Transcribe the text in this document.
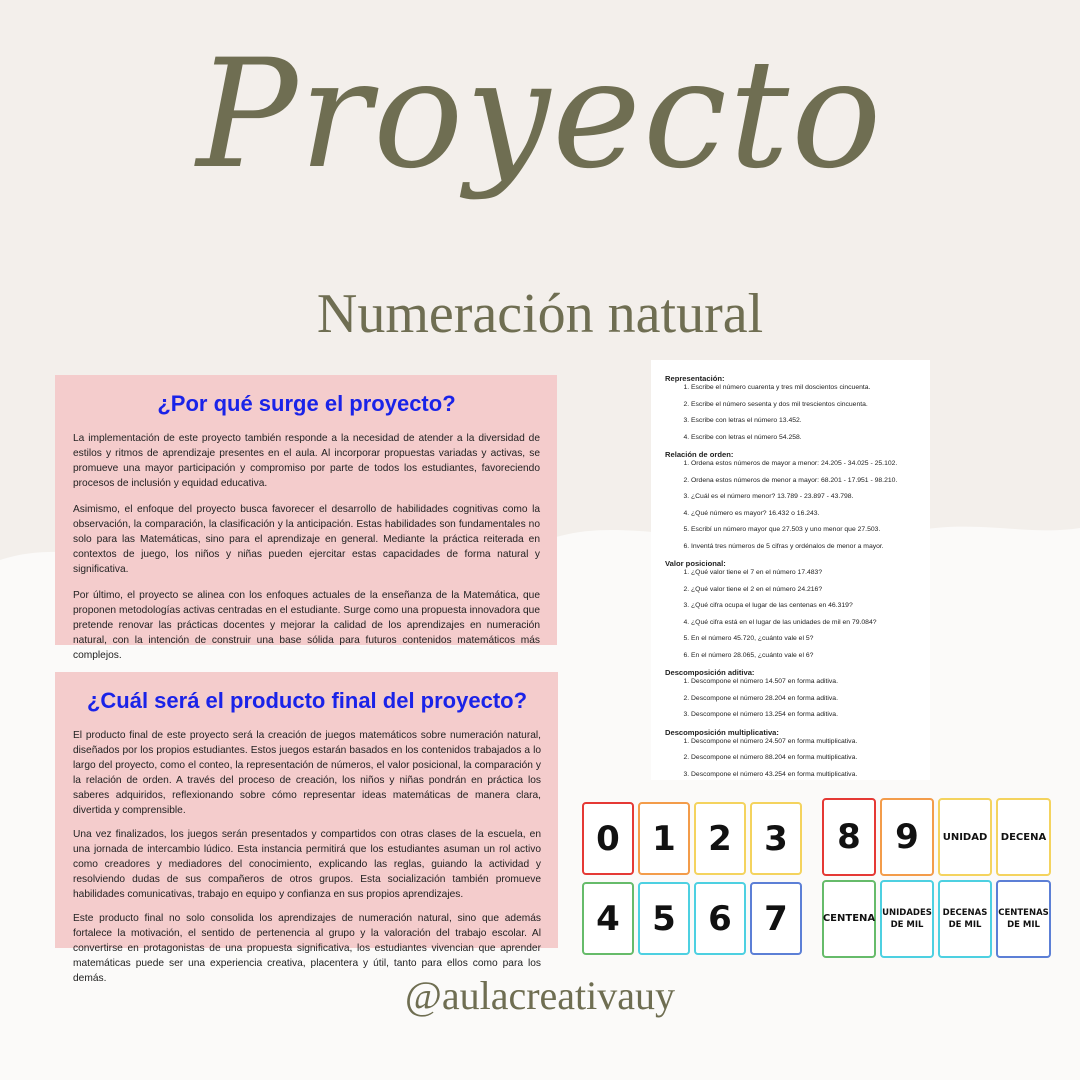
Proyecto
Numeración natural
¿Por qué surge el proyecto?

La implementación de este proyecto también responde a la necesidad de atender a la diversidad de estilos y ritmos de aprendizaje presentes en el aula. Al incorporar propuestas variadas y activas, se promueve una mayor participación y compromiso por parte de todos los estudiantes, favoreciendo procesos de inclusión y equidad educativa.

Asimismo, el enfoque del proyecto busca favorecer el desarrollo de habilidades cognitivas como la observación, la comparación, la clasificación y la anticipación. Estas habilidades son fundamentales no solo para las Matemáticas, sino para el aprendizaje en general. Mediante la práctica reiterada en contextos de juego, los niños y niñas pueden ejercitar estas capacidades de forma natural y significativa.

Por último, el proyecto se alinea con los enfoques actuales de la enseñanza de la Matemática, que proponen metodologías activas centradas en el estudiante. Surge como una propuesta innovadora que pretende renovar las prácticas docentes y mejorar la calidad de los aprendizajes en numeración natural, con la intención de construir una base sólida para futuros contenidos matemáticos más complejos.

¿Cuál será el producto final del proyecto?

El producto final de este proyecto será la creación de juegos matemáticos sobre numeración natural, diseñados por los propios estudiantes. Estos juegos estarán basados en los contenidos trabajados a lo largo del proyecto, como el conteo, la representación de números, el valor posicional, la comparación y la relación de orden. A través del proceso de creación, los niños y niñas pondrán en práctica los saberes adquiridos, reflexionando sobre cómo representar ideas matemáticas de manera clara, divertida y comprensible.

Una vez finalizados, los juegos serán presentados y compartidos con otras clases de la escuela, en una jornada de intercambio lúdico. Esta instancia permitirá que los estudiantes asuman un rol activo como creadores y mediadores del conocimiento, explicando las reglas, guiando la actividad y resolviendo dudas de sus compañeros de otros grupos. Esta socialización también promueve habilidades comunicativas, trabajo en equipo y confianza en sus propios aprendizajes.

Este producto final no solo consolida los aprendizajes de numeración natural, sino que además fortalece la motivación, el sentido de pertenencia al grupo y la valoración del trabajo escolar. Al convertirse en protagonistas de una propuesta significativa, los estudiantes vivencian que aprender matemáticas puede ser una experiencia creativa, placentera y útil, tanto para ellos como para los demás.

Representación:
1. Escribe el número cuarenta y tres mil doscientos cincuenta.
2. Escribe el número sesenta y dos mil trescientos cincuenta.
3. Escribe con letras el número 13.452.
4. Escribe con letras el número 54.258.
Relación de orden:
1. Ordena estos números de mayor a menor: 24.205 - 34.025 - 25.102.
2. Ordena estos números de menor a mayor: 68.201 - 17.951 - 98.210.
3. ¿Cuál es el número menor? 13.789 - 23.897 - 43.798.
4. ¿Qué número es mayor? 16.432 o 16.243.
5. Escribí un número mayor que 27.503 y uno menor que 27.503.
6. Inventá tres números de 5 cifras y ordénalos de menor a mayor.
Valor posicional:
1. ¿Qué valor tiene el 7 en el número 17.483?
2. ¿Qué valor tiene el 2 en el número 24.216?
3. ¿Qué cifra ocupa el lugar de las centenas en 46.319?
4. ¿Qué cifra está en el lugar de las unidades de mil en 79.084?
5. En el número 45.720, ¿cuánto vale el 5?
6. En el número 28.065, ¿cuánto vale el 6?
Descomposición aditiva:
1. Descompone el número 14.507 en forma aditiva.
2. Descompone el número 28.204 en forma aditiva.
3. Descompone el número 13.254 en forma aditiva.
Descomposición multiplicativa:
1. Descompone el número 24.507 en forma multiplicativa.
2. Descompone el número 88.204 en forma multiplicativa.
3. Descompone el número 43.254 en forma multiplicativa.
0 1 2 3 8 9 UNIDAD DECENA
4 5 6 7	CENTENA UNIDADES DE MIL
DECENAS DE MIL
CENTENAS DE MIL
@aulacreativauy
